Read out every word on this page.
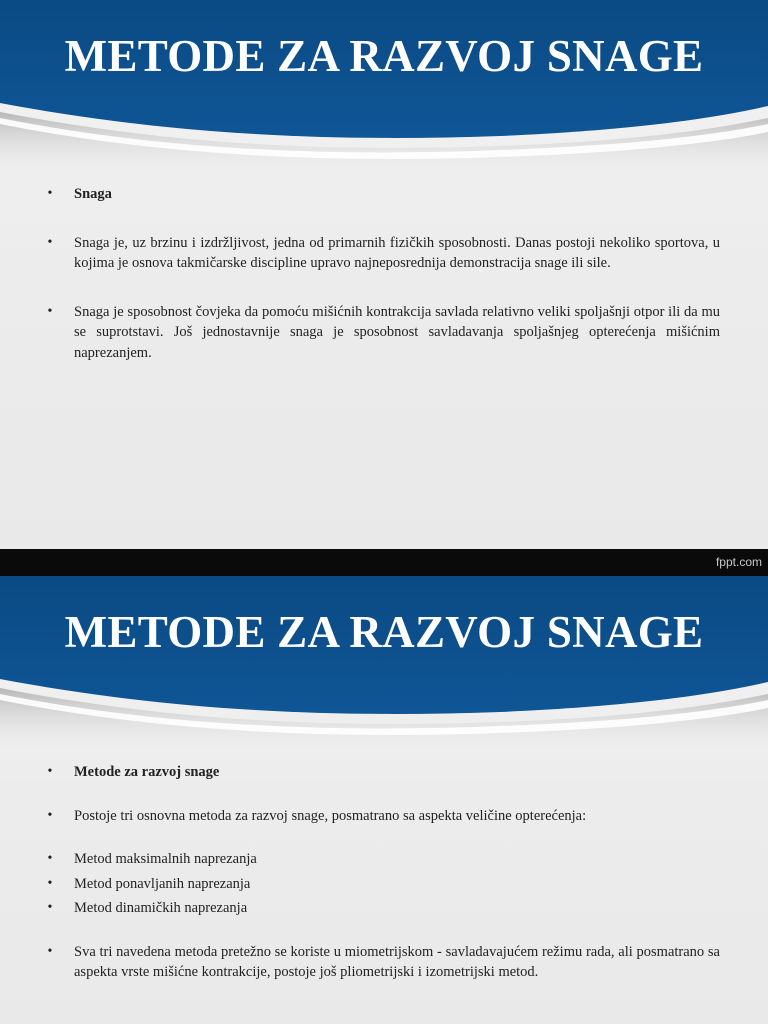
METODE ZA RAZVOJ SNAGE
•	Snaga
•	Snaga je, uz brzinu i izdržljivost, jedna od primarnih fizičkih sposobnosti. Danas postoji nekoliko sportova, u kojima je osnova takmičarske discipline upravo najneposrednija demonstracija snage ili sile.
•	Snaga je sposobnost čovjeka da pomoću mišićnih kontrakcija savlada relativno veliki spoljašnji otpor ili da mu se suprotstavi. Još jednostavnije snaga je sposobnost savladavanja spoljašnjeg opterećenja mišićnim naprezanjem.
fppt.com
METODE ZA RAZVOJ SNAGE
•	Metode za razvoj snage
•	Postoje tri osnovna metoda za razvoj snage, posmatrano sa aspekta veličine opterećenja:
•	Metod maksimalnih naprezanja
•	Metod ponavljanih naprezanja
•	Metod dinamičkih naprezanja
•	Sva tri navedena metoda pretežno se koriste u miometrijskom - savladavajućem režimu rada, ali posmatrano sa aspekta vrste mišićne kontrakcije, postoje još pliometrijski i izometrijski metod.
